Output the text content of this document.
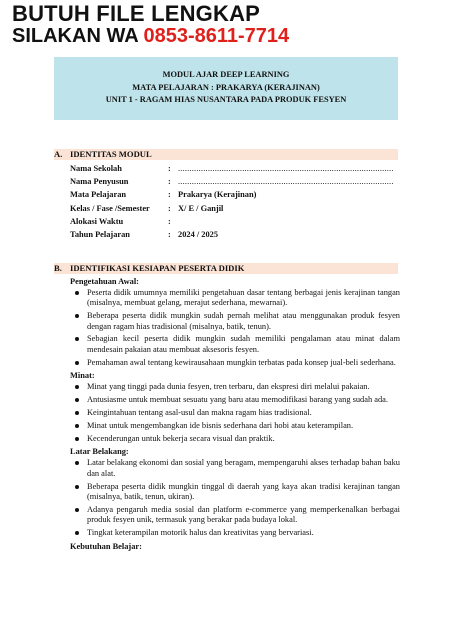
BUTUH FILE LENGKAP
SILAKAN WA 0853-8611-7714
MODUL AJAR DEEP LEARNING
MATA PELAJARAN : PRAKARYA (KERAJINAN)
UNIT 1 - RAGAM HIAS NUSANTARA PADA PRODUK FESYEN
A. IDENTITAS MODUL
Nama Sekolah	: ..............................................................................................
Nama Penyusun	: ..............................................................................................
Mata Pelajaran	: Prakarya (Kerajinan)
Kelas / Fase /Semester : X/ E / Ganjil
Alokasi Waktu	:
Tahun Pelajaran	: 2024 / 2025
B. IDENTIFIKASI KESIAPAN PESERTA DIDIK
Pengetahuan Awal:
Peserta didik umumnya memiliki pengetahuan dasar tentang berbagai jenis kerajinan tangan (misalnya, membuat gelang, merajut sederhana, mewarnai).
Beberapa peserta didik mungkin sudah pernah melihat atau menggunakan produk fesyen dengan ragam hias tradisional (misalnya, batik, tenun).
Sebagian kecil peserta didik mungkin sudah memiliki pengalaman atau minat dalam mendesain pakaian atau membuat aksesoris fesyen.
Pemahaman awal tentang kewirausahaan mungkin terbatas pada konsep jual-beli sederhana.
Minat:
Minat yang tinggi pada dunia fesyen, tren terbaru, dan ekspresi diri melalui pakaian.
Antusiasme untuk membuat sesuatu yang baru atau memodifikasi barang yang sudah ada.
Keingintahuan tentang asal-usul dan makna ragam hias tradisional.
Minat untuk mengembangkan ide bisnis sederhana dari hobi atau keterampilan.
Kecenderungan untuk bekerja secara visual dan praktik.
Latar Belakang:
Latar belakang ekonomi dan sosial yang beragam, mempengaruhi akses terhadap bahan baku dan alat.
Beberapa peserta didik mungkin tinggal di daerah yang kaya akan tradisi kerajinan tangan (misalnya, batik, tenun, ukiran).
Adanya pengaruh media sosial dan platform e-commerce yang memperkenalkan berbagai produk fesyen unik, termasuk yang berakar pada budaya lokal.
Tingkat keterampilan motorik halus dan kreativitas yang bervariasi.
Kebutuhan Belajar:
